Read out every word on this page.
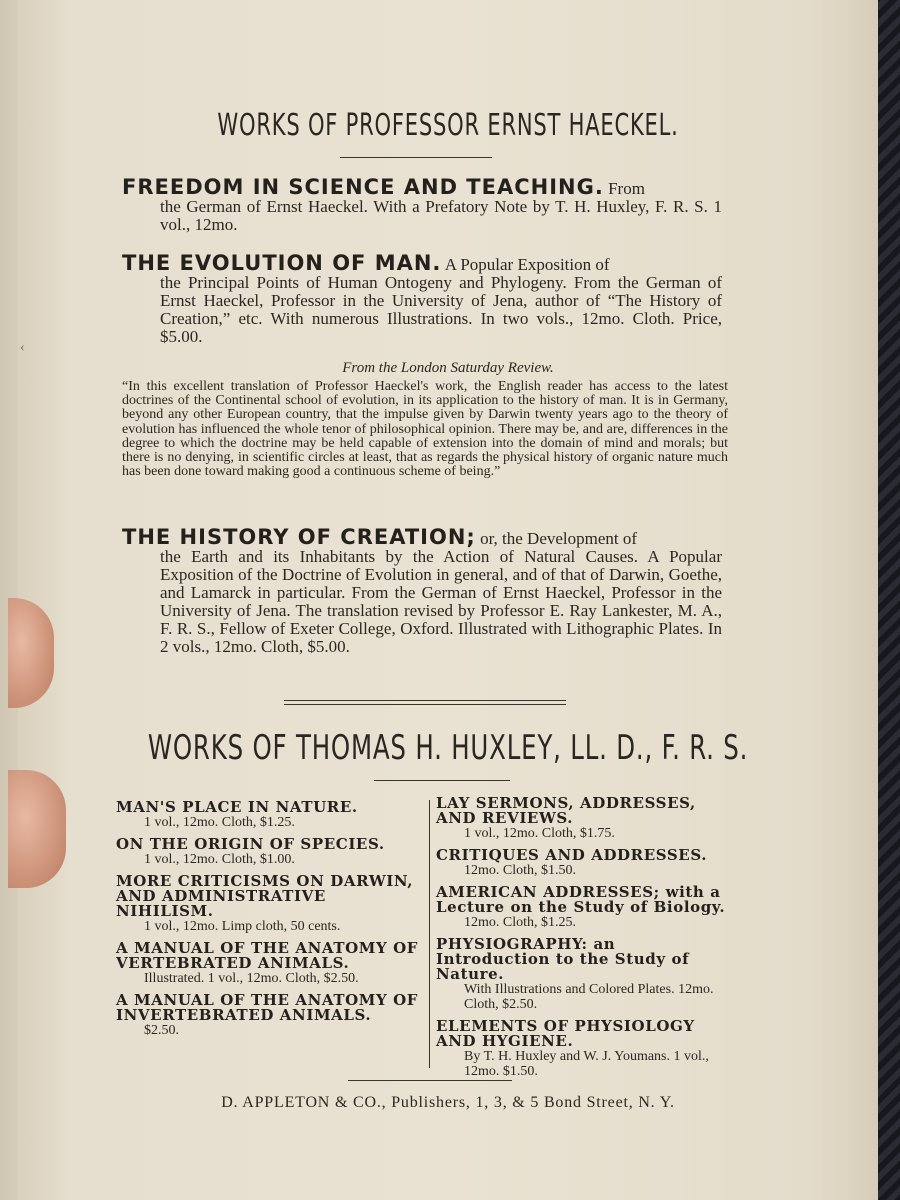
‹
WORKS OF PROFESSOR ERNST HAECKEL.
FREEDOM IN SCIENCE AND TEACHING. From
the German of Ernst Haeckel. With a Prefatory Note by T. H. Huxley, F. R. S. 1 vol., 12mo.
THE EVOLUTION OF MAN. A Popular Exposition of
the Principal Points of Human Ontogeny and Phylogeny. From the German of Ernst Haeckel, Professor in the University of Jena, author of “The History of Creation,” etc. With numerous Illustrations. In two vols., 12mo. Cloth. Price, $5.00.
From the London Saturday Review.
“In this excellent translation of Professor Haeckel's work, the English reader has access to the latest doctrines of the Continental school of evolution, in its application to the history of man. It is in Germany, beyond any other European country, that the impulse given by Darwin twenty years ago to the theory of evolution has influenced the whole tenor of philosophical opinion. There may be, and are, differences in the degree to which the doctrine may be held capable of extension into the domain of mind and morals; but there is no denying, in scientific circles at least, that as regards the physical history of organic nature much has been done toward making good a continuous scheme of being.”
THE HISTORY OF CREATION; or, the Development of
the Earth and its Inhabitants by the Action of Natural Causes. A Popular Exposition of the Doctrine of Evolution in general, and of that of Darwin, Goethe, and Lamarck in particular. From the German of Ernst Haeckel, Professor in the University of Jena. The translation revised by Professor E. Ray Lankester, M. A., F. R. S., Fellow of Exeter College, Oxford. Illustrated with Lithographic Plates. In 2 vols., 12mo. Cloth, $5.00.
WORKS OF THOMAS H. HUXLEY, LL. D., F. R. S.
MAN'S PLACE IN NATURE.
1 vol., 12mo. Cloth, $1.25.
ON THE ORIGIN OF SPECIES.
1 vol., 12mo. Cloth, $1.00.
MORE CRITICISMS ON DARWIN, AND ADMINISTRATIVE NIHILISM.
1 vol., 12mo. Limp cloth, 50 cents.
A MANUAL OF THE ANATOMY OF VERTEBRATED ANIMALS.
Illustrated. 1 vol., 12mo. Cloth, $2.50.
A MANUAL OF THE ANATOMY OF INVERTEBRATED ANIMALS.
$2.50.
LAY SERMONS, ADDRESSES, AND REVIEWS.
1 vol., 12mo. Cloth, $1.75.
CRITIQUES AND ADDRESSES.
12mo. Cloth, $1.50.
AMERICAN ADDRESSES; with a Lecture on the Study of Biology.
12mo. Cloth, $1.25.
PHYSIOGRAPHY: an Introduction to the Study of Nature.
With Illustrations and Colored Plates. 12mo. Cloth, $2.50.
ELEMENTS OF PHYSIOLOGY AND HYGIENE.
By T. H. Huxley and W. J. Youmans. 1 vol., 12mo. $1.50.
D. APPLETON & CO., Publishers, 1, 3, & 5 Bond Street, N. Y.
